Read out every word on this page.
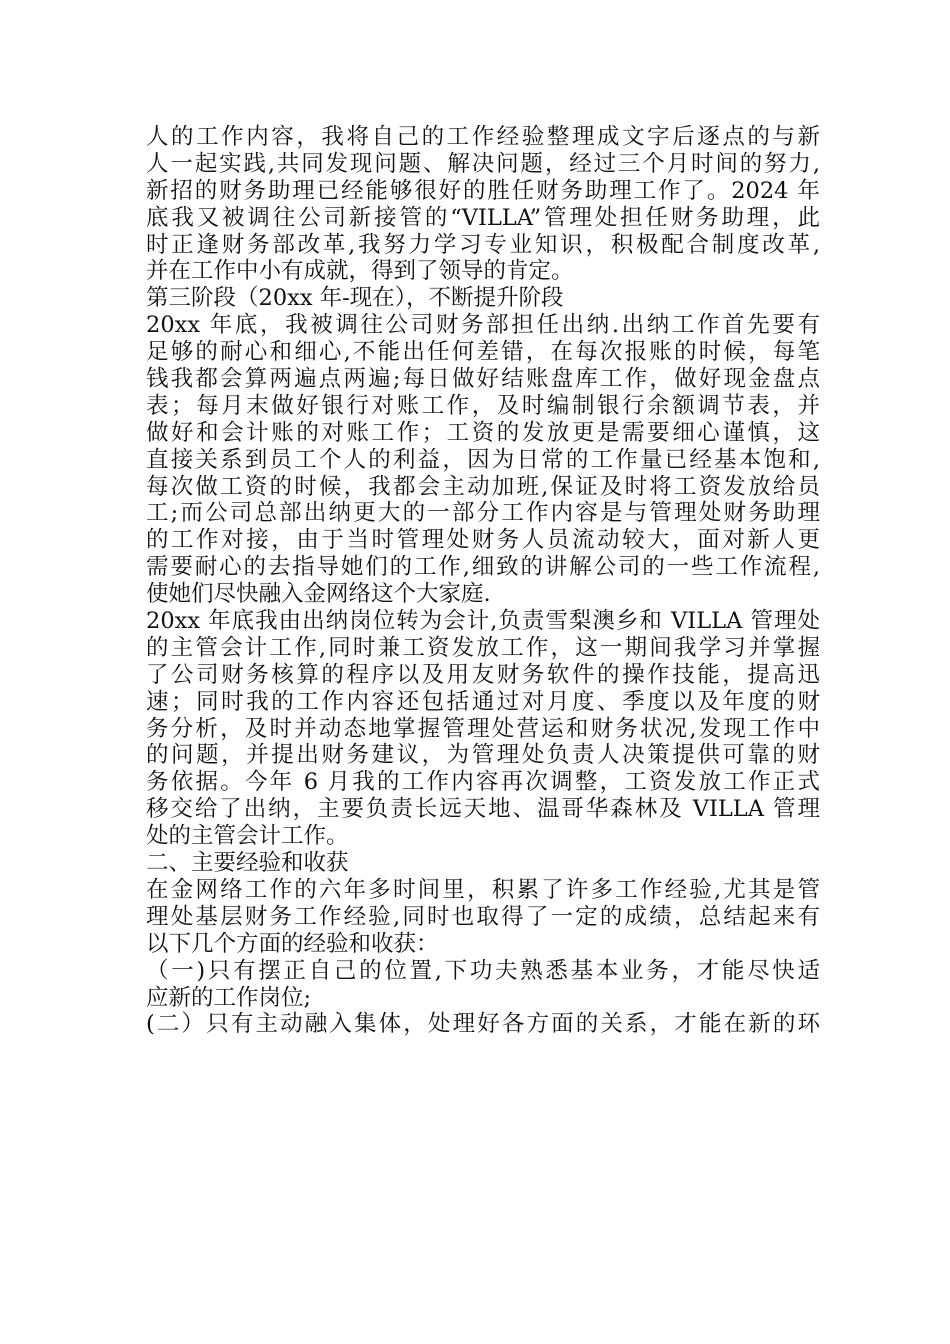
人的工作内容，我将自己的工作经验整理成文字后逐点的与新
人一起实践,共同发现问题、解决问题，经过三个月时间的努力,
新招的财务助理已经能够很好的胜任财务助理工作了。2024 年
底我又被调往公司新接管的“VILLA”管理处担任财务助理，此
时正逢财务部改革,我努力学习专业知识，积极配合制度改革,
并在工作中小有成就，得到了领导的肯定。
第三阶段（20xx 年-现在），不断提升阶段
20xx 年底，我被调往公司财务部担任出纳.出纳工作首先要有
足够的耐心和细心,不能出任何差错，在每次报账的时候，每笔
钱我都会算两遍点两遍;每日做好结账盘库工作，做好现金盘点
表；每月末做好银行对账工作，及时编制银行余额调节表，并
做好和会计账的对账工作；工资的发放更是需要细心谨慎，这
直接关系到员工个人的利益，因为日常的工作量已经基本饱和,
每次做工资的时候，我都会主动加班,保证及时将工资发放给员
工;而公司总部出纳更大的一部分工作内容是与管理处财务助理
的工作对接，由于当时管理处财务人员流动较大，面对新人更
需要耐心的去指导她们的工作,细致的讲解公司的一些工作流程,
使她们尽快融入金网络这个大家庭.
20xx 年底我由出纳岗位转为会计,负责雪梨澳乡和 VILLA 管理处
的主管会计工作,同时兼工资发放工作，这一期间我学习并掌握
了公司财务核算的程序以及用友财务软件的操作技能，提高迅
速；同时我的工作内容还包括通过对月度、季度以及年度的财
务分析，及时并动态地掌握管理处营运和财务状况,发现工作中
的问题，并提出财务建议，为管理处负责人决策提供可靠的财
务依据。今年 6 月我的工作内容再次调整，工资发放工作正式
移交给了出纳，主要负责长远天地、温哥华森林及 VILLA 管理
处的主管会计工作。
二、主要经验和收获
在金网络工作的六年多时间里，积累了许多工作经验,尤其是管
理处基层财务工作经验,同时也取得了一定的成绩，总结起来有
以下几个方面的经验和收获：
（一)只有摆正自己的位置,下功夫熟悉基本业务，才能尽快适
应新的工作岗位;
(二）只有主动融入集体，处理好各方面的关系，才能在新的环
